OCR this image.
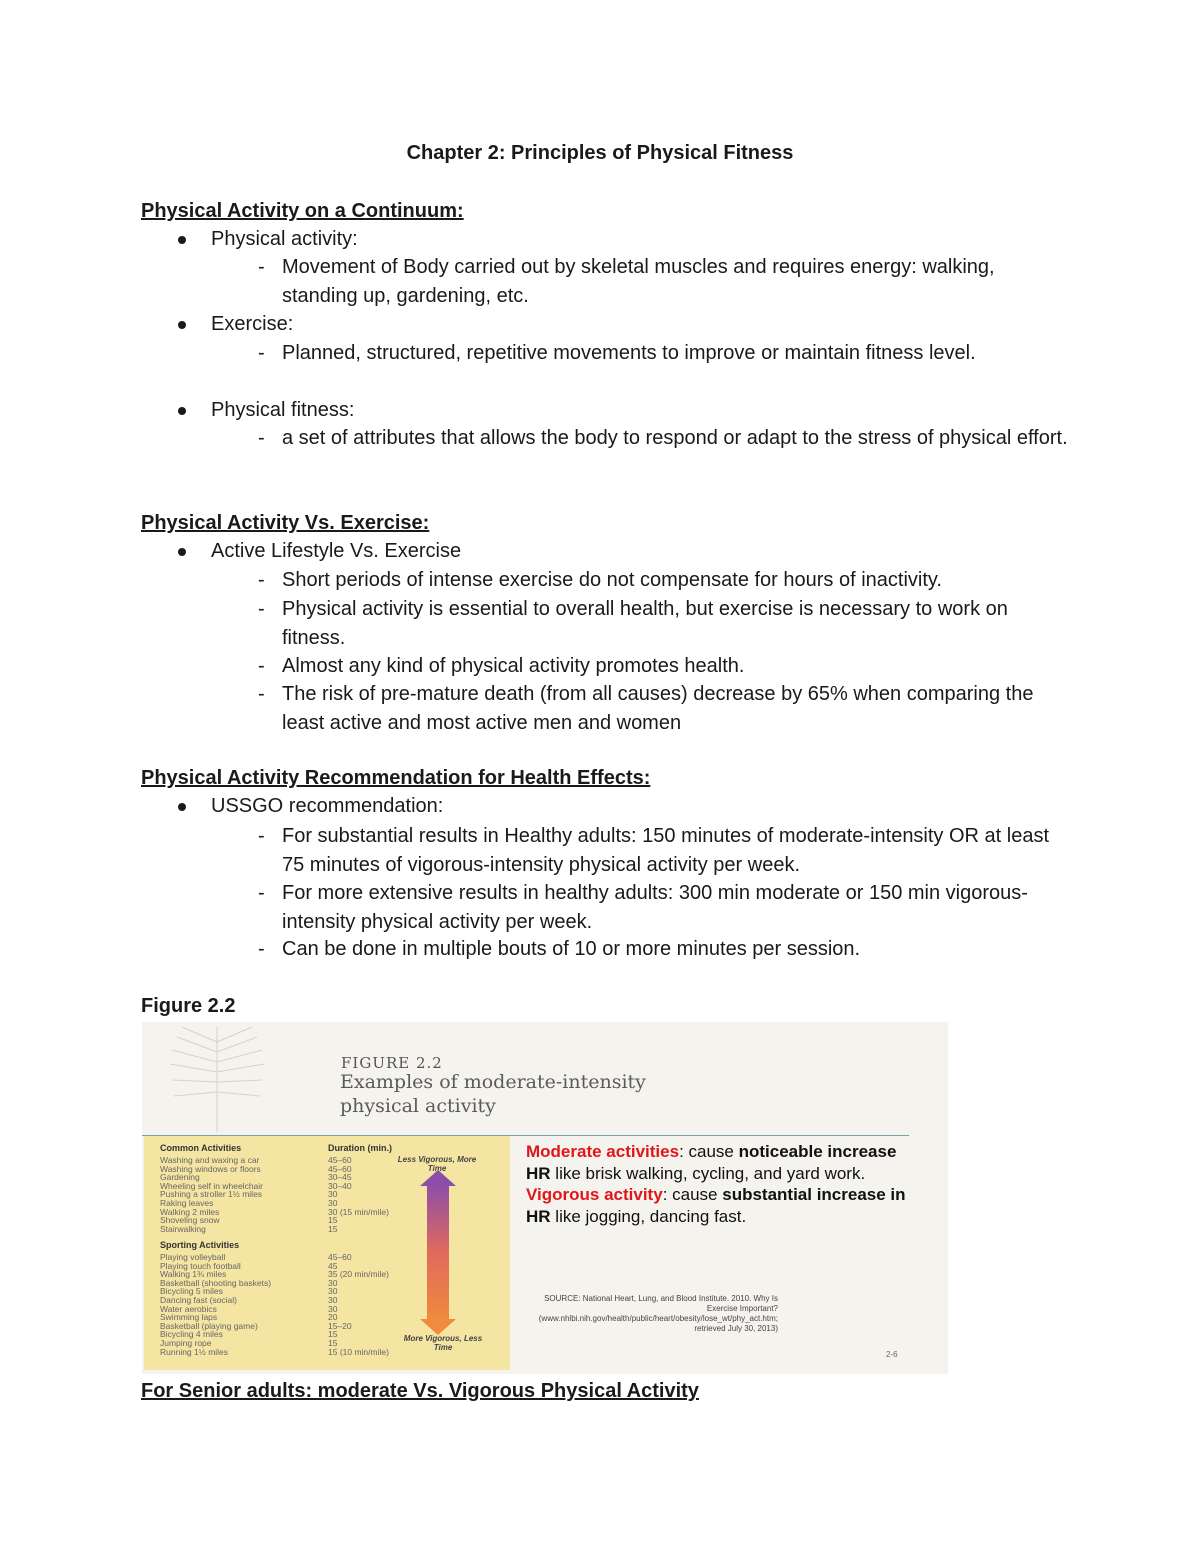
Chapter 2: Principles of Physical Fitness
Physical Activity on a Continuum:
Physical activity:
- Movement of Body carried out by skeletal muscles and requires energy: walking, standing up, gardening, etc.
Exercise:
- Planned, structured, repetitive movements to improve or maintain fitness level.
Physical fitness:
- a set of attributes that allows the body to respond or adapt to the stress of physical effort.
Physical Activity Vs. Exercise:
Active Lifestyle Vs. Exercise
- Short periods of intense exercise do not compensate for hours of inactivity.
- Physical activity is essential to overall health, but exercise is necessary to work on fitness.
- Almost any kind of physical activity promotes health.
- The risk of pre-mature death (from all causes) decrease by 65% when comparing the least active and most active men and women
Physical Activity Recommendation for Health Effects:
USSGO recommendation:
- For substantial results in Healthy adults: 150 minutes of moderate-intensity OR at least 75 minutes of vigorous-intensity physical activity per week.
- For more extensive results in healthy adults: 300 min moderate or 150 min vigorous-intensity physical activity per week.
- Can be done in multiple bouts of 10 or more minutes per session.
Figure 2.2
FIGURE 2.2
Examples of moderate-intensity physical activity
Common Activities	Duration (min.)
Washing and waxing a car	45–60
Washing windows or floors	45–60
Gardening	30–45
Wheeling self in wheelchair	30–40
Pushing a stroller 1½ miles	30
Raking leaves	30
Walking 2 miles	30 (15 min/mile)
Shoveling snow	15
Stairwalking	15
Sporting Activities
Playing volleyball	45–60
Playing touch football	45
Walking 1¾ miles	35 (20 min/mile)
Basketball (shooting baskets)	30
Bicycling 5 miles	30
Dancing fast (social)	30
Water aerobics	30
Swimming laps	20
Basketball (playing game)	15–20
Bicycling 4 miles	15
Jumping rope	15
Running 1½ miles	15 (10 min/mile)
Less Vigorous, More Time
More Vigorous, Less Time
Moderate activities: cause noticeable increase HR like brisk walking, cycling, and yard work.
Vigorous activity: cause substantial increase in HR like jogging, dancing fast.
SOURCE: National Heart, Lung, and Blood Institute. 2010. Why Is Exercise Important? (www.nhlbi.nih.gov/health/public/heart/obesity/lose_wt/phy_act.htm; retrieved July 30, 2013)
2-6
For Senior adults: moderate Vs. Vigorous Physical Activity
